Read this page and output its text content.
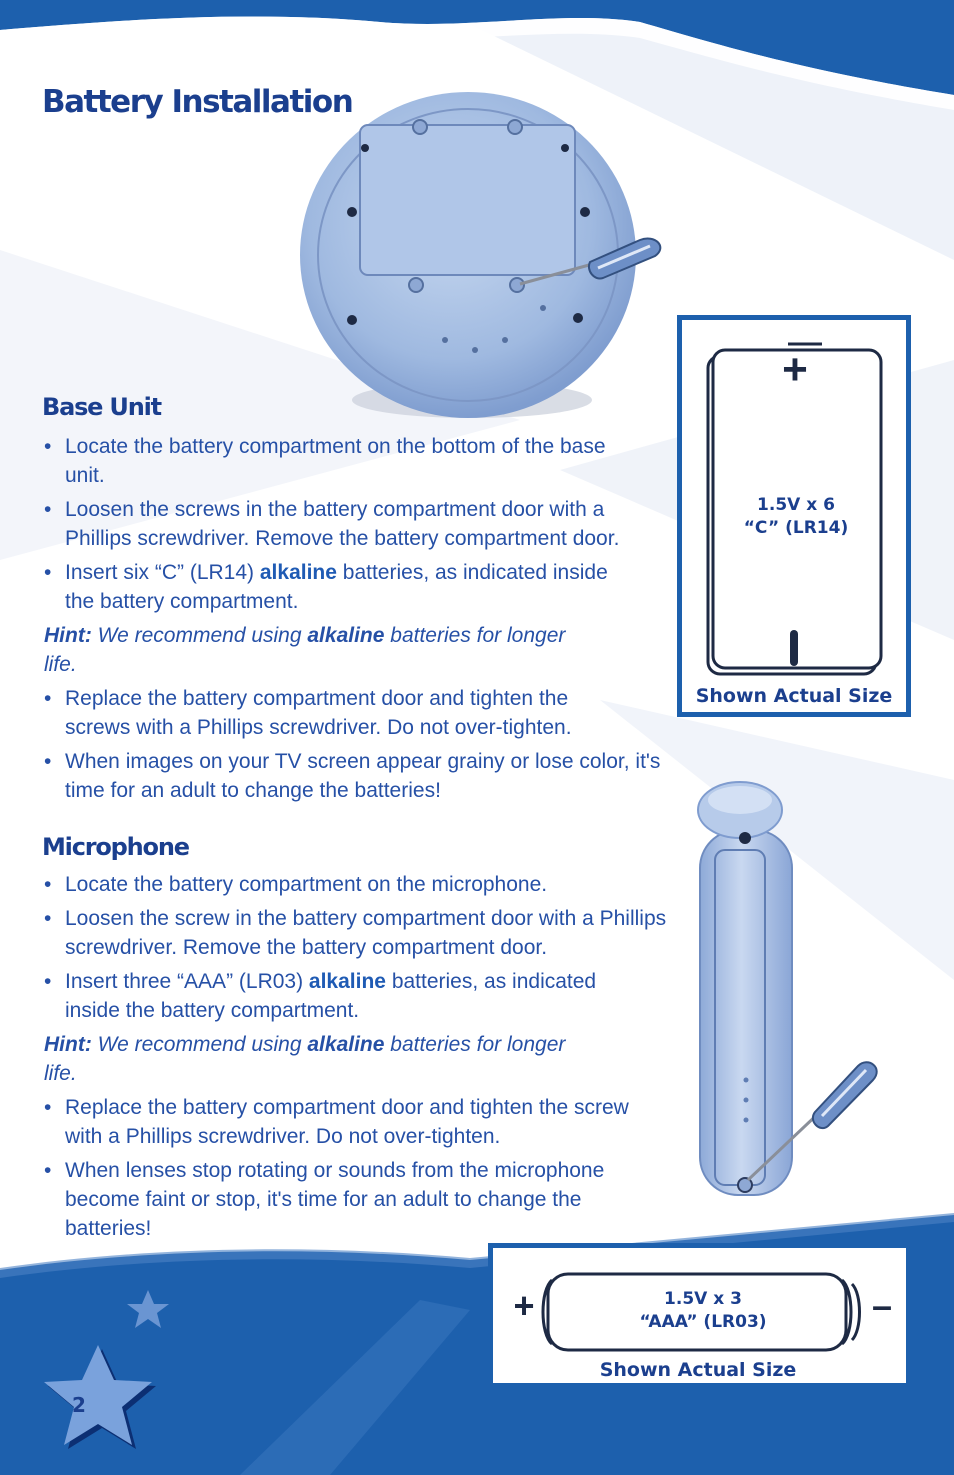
Battery Installation
Base Unit
• Locate the battery compartment on the bottom of the base unit.
• Loosen the screws in the battery compartment door with a Phillips screwdriver. Remove the battery compartment door.
• Insert six “C” (LR14) alkaline batteries, as indicated inside the battery compartment.
Hint: We recommend using alkaline batteries for longer life.
• Replace the battery compartment door and tighten the screws with a Phillips screwdriver. Do not over-tighten.
• When images on your TV screen appear grainy or lose color, it's time for an adult to change the batteries!
Microphone
• Locate the battery compartment on the microphone.
• Loosen the screw in the battery compartment door with a Phillips screwdriver. Remove the battery compartment door.
• Insert three “AAA” (LR03) alkaline batteries, as indicated inside the battery compartment.
Hint: We recommend using alkaline batteries for longer life.
• Replace the battery compartment door and tighten the screw with a Phillips screwdriver. Do not over-tighten.
• When lenses stop rotating or sounds from the microphone become faint or stop, it's time for an adult to change the batteries!
+
1.5V x 6
“C” (LR14)
Shown Actual Size
+	–
1.5V x 3
“AAA” (LR03)
Shown Actual Size
2
